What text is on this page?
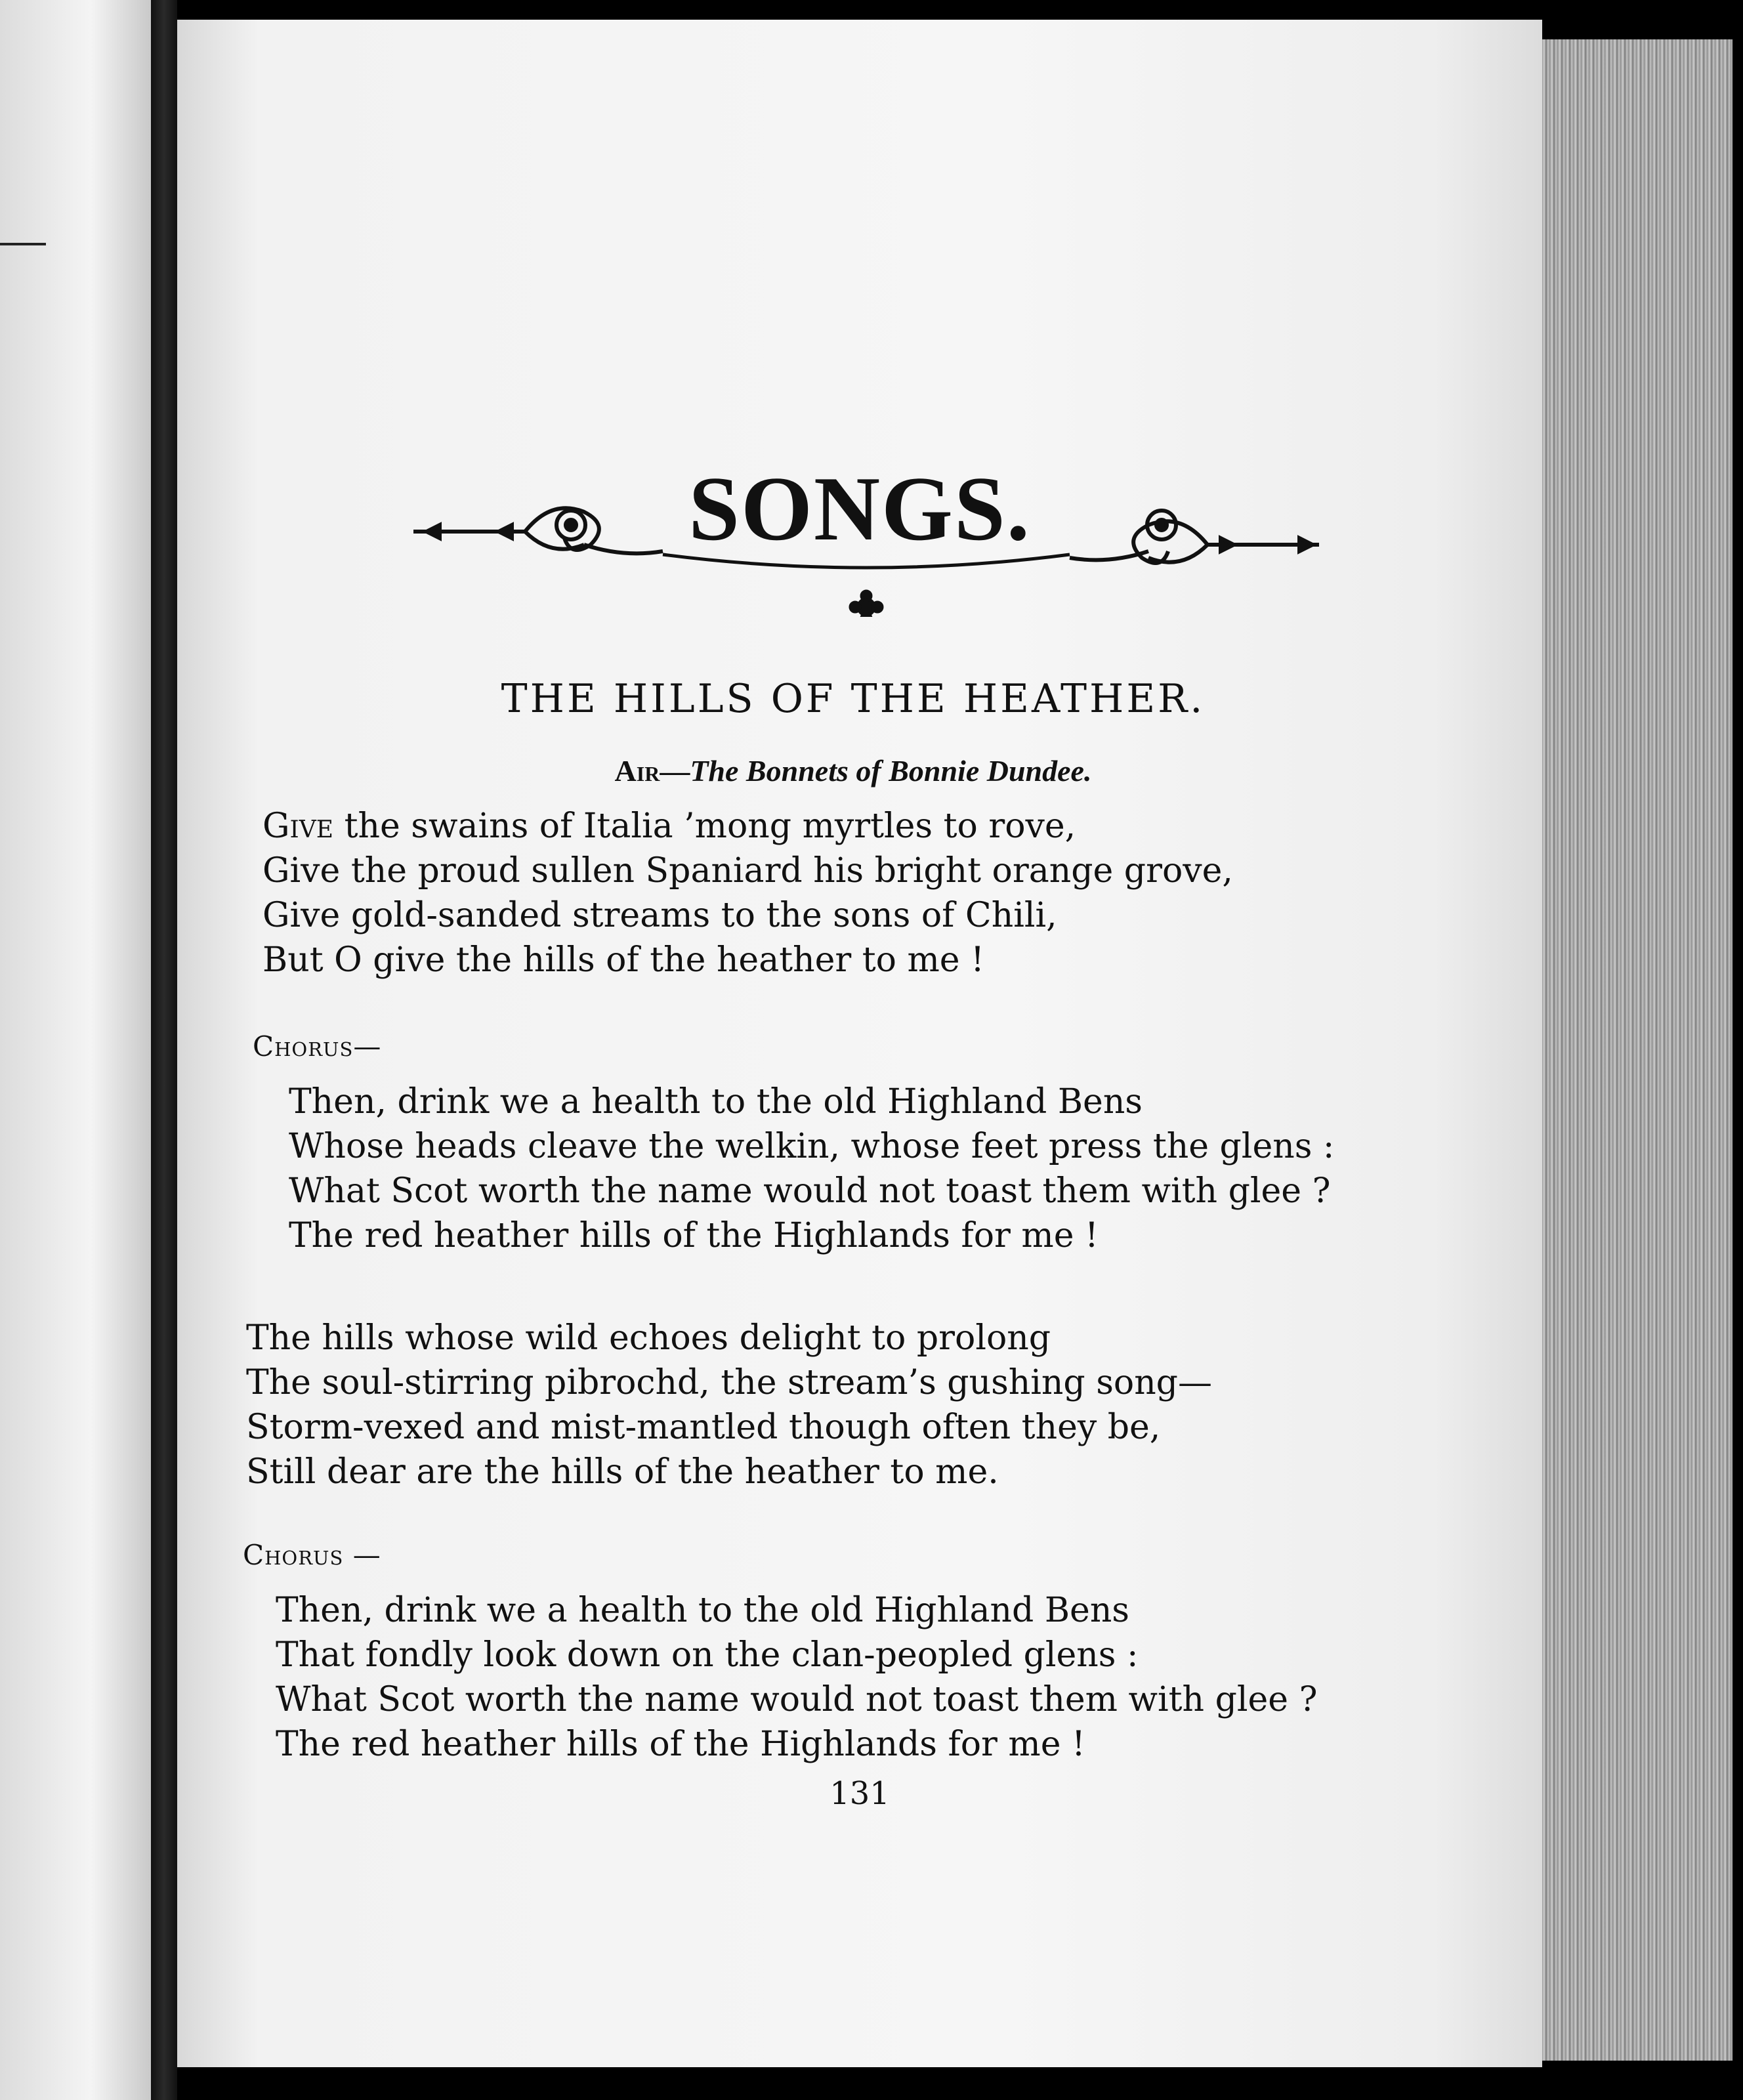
SONGS.
THE HILLS OF THE HEATHER.
Air—The Bonnets of Bonnie Dundee.
Give the swains of Italia ’mong myrtles to rove,
Give the proud sullen Spaniard his bright orange grove,
Give gold-sanded streams to the sons of Chili,
But O give the hills of the heather to me !
Chorus—
Then, drink we a health to the old Highland Bens
Whose heads cleave the welkin, whose feet press the glens :
What Scot worth the name would not toast them with glee ?
The red heather hills of the Highlands for me !
The hills whose wild echoes delight to prolong
The soul-stirring pibrochd, the stream’s gushing song—
Storm-vexed and mist-mantled though often they be,
Still dear are the hills of the heather to me.
Chorus —
Then, drink we a health to the old Highland Bens
That fondly look down on the clan-peopled glens :
What Scot worth the name would not toast them with glee ?
The red heather hills of the Highlands for me !
131
